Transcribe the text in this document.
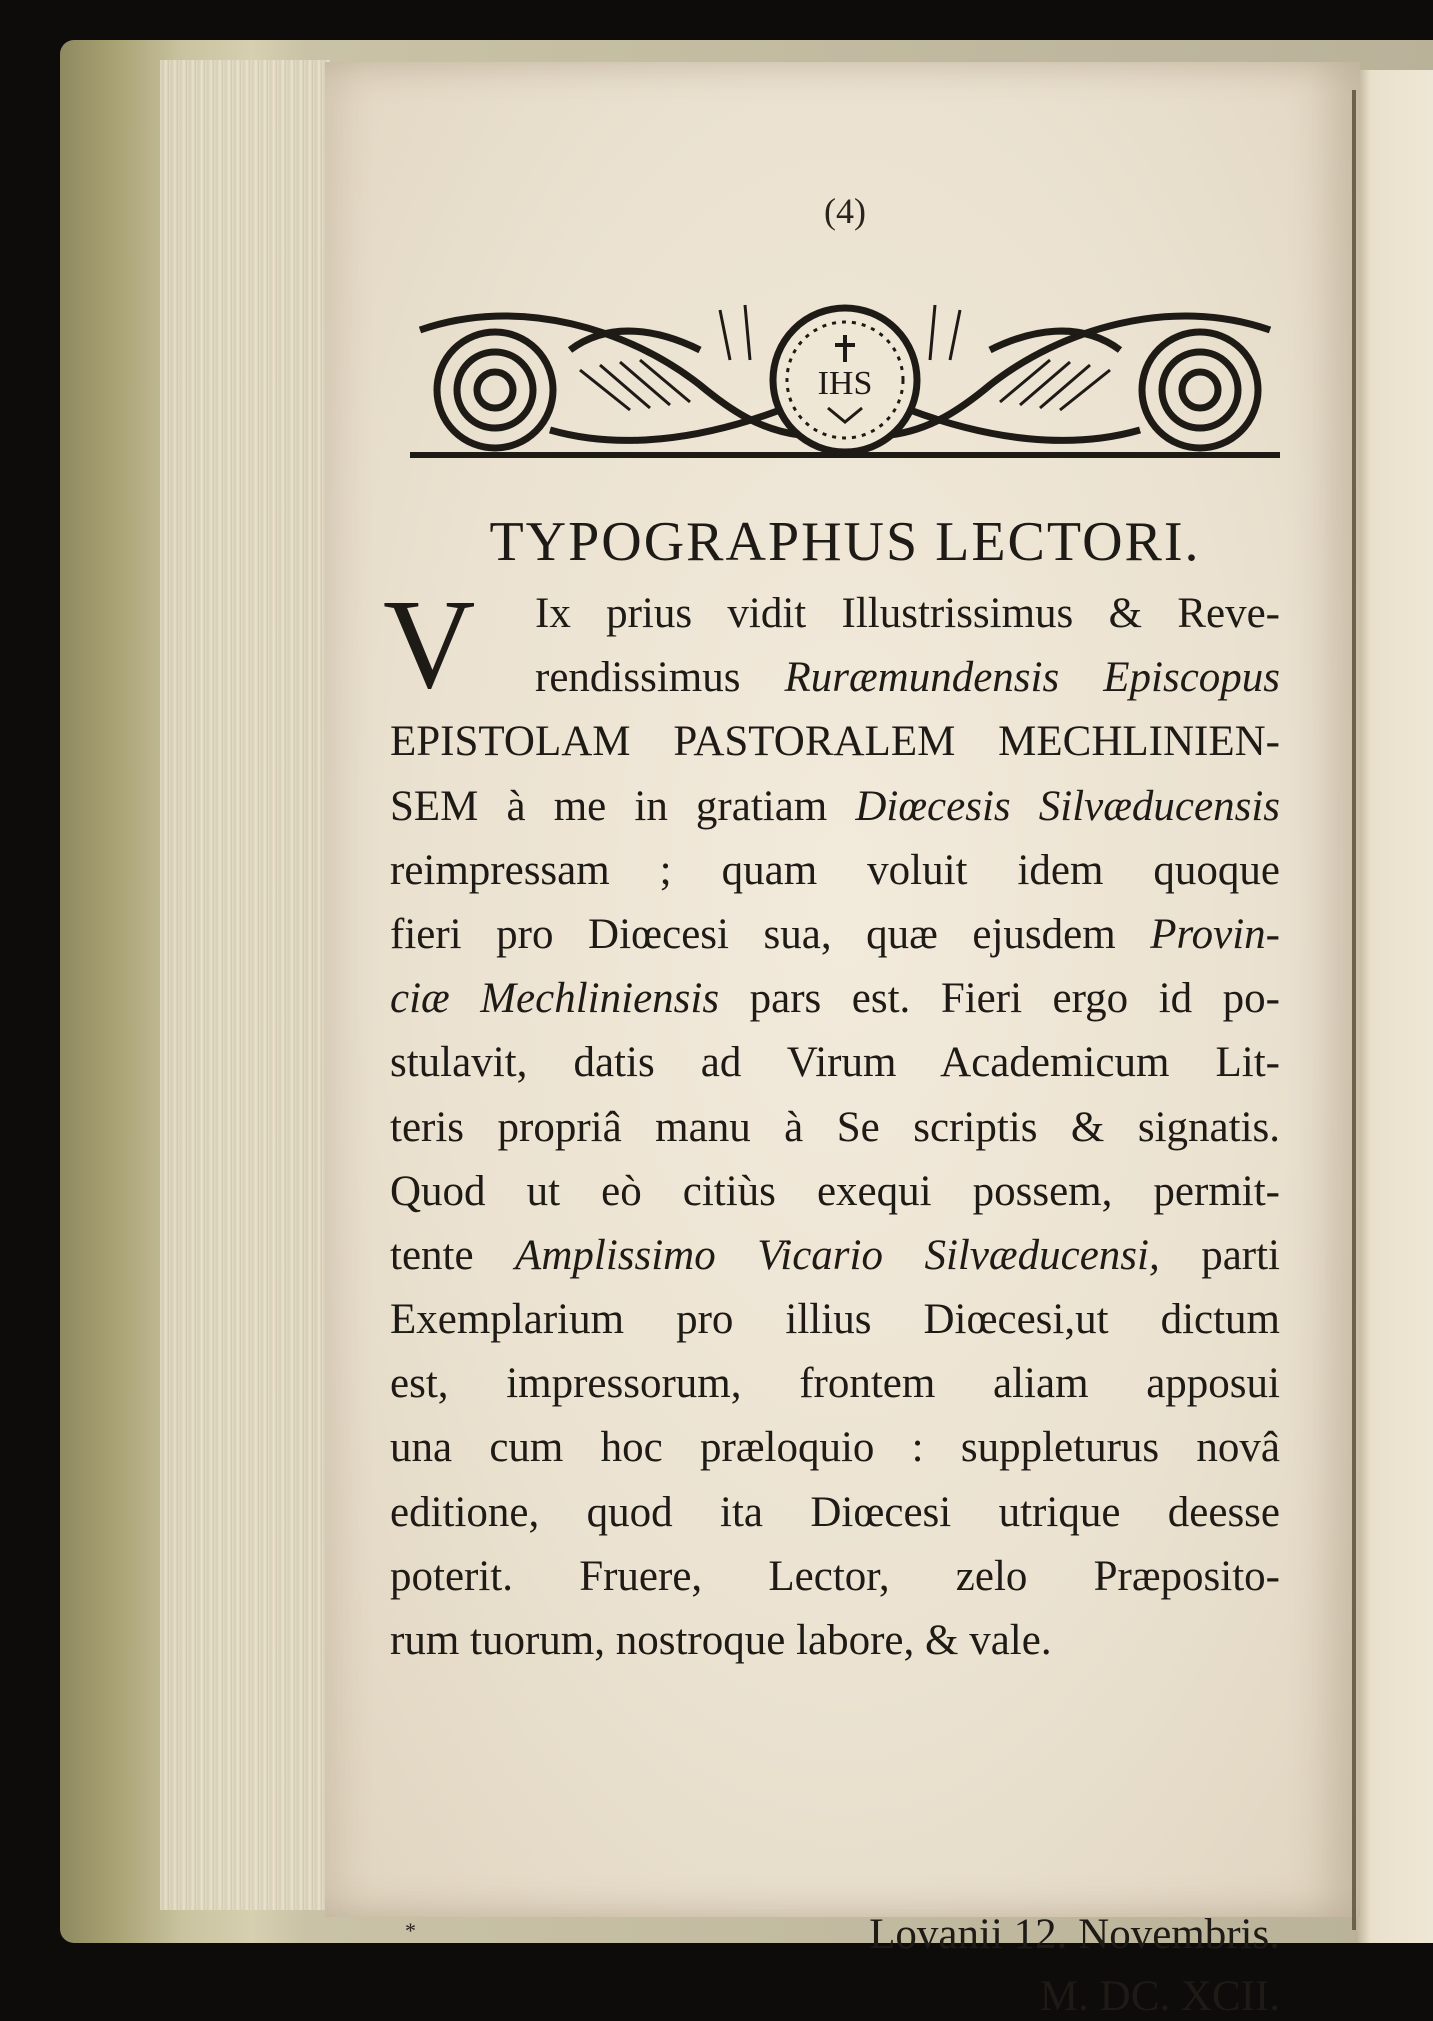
(4)
IHS
TYPOGRAPHUS LECTORI.
V	Ix prius vidit Illustrissimus & Reve-
rendissimus Ruræmundensis Episcopus
EPISTOLAM PASTORALEM MECHLINIEN-
SEM à me in gratiam Diœcesis Silvæducensis
reimpressam ; quam voluit idem quoque
fieri pro Diœcesi sua, quæ ejusdem Provin-
ciæ Mechliniensis pars est. Fieri ergo id po-
stulavit, datis ad Virum Academicum Lit-
teris propriâ manu à Se scriptis & signatis.
Quod ut eò citiùs exequi possem, permit-
tente Amplissimo Vicario Silvæducensi, parti
Exemplarium pro illius Diœcesi,ut dictum
est, impressorum, frontem aliam apposui
una cum hoc præloquio : suppleturus novâ
editione, quod ita Diœcesi utrique deesse
poterit. Fruere, Lector, zelo Præposito-
rum tuorum, nostroque labore, & vale.
*	Lovanii 12. Novembris.
M. DC. XCII.
